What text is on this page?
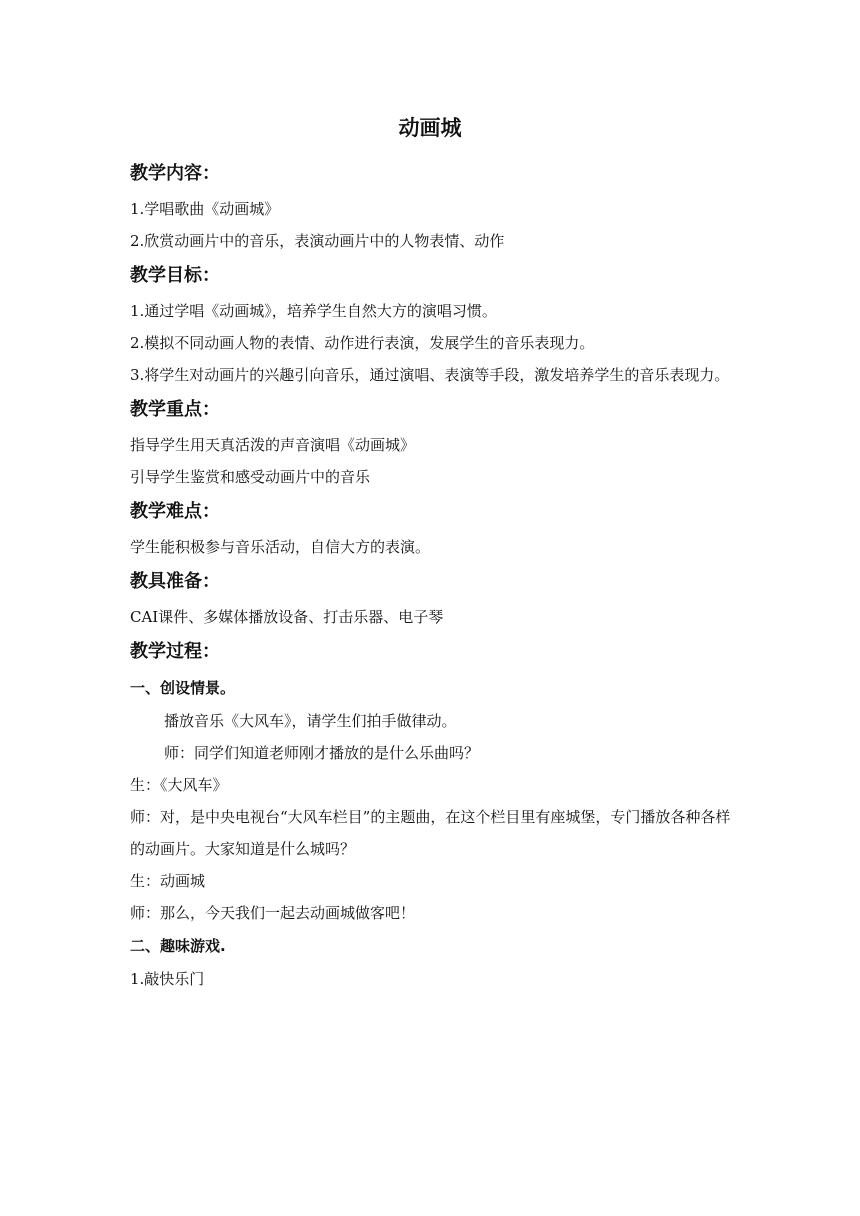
动画城
教学内容：
1.学唱歌曲《动画城》
2.欣赏动画片中的音乐，表演动画片中的人物表情、动作
教学目标：
1.通过学唱《动画城》，培养学生自然大方的演唱习惯。
2.模拟不同动画人物的表情、动作进行表演，发展学生的音乐表现力。
3.将学生对动画片的兴趣引向音乐，通过演唱、表演等手段，激发培养学生的音乐表现力。
教学重点：
指导学生用天真活泼的声音演唱《动画城》
引导学生鉴赏和感受动画片中的音乐
教学难点：
学生能积极参与音乐活动，自信大方的表演。
教具准备：
CAI课件、多媒体播放设备、打击乐器、电子琴
教学过程：
一、创设情景。
播放音乐《大风车》，请学生们拍手做律动。
师：同学们知道老师刚才播放的是什么乐曲吗？
生：《大风车》
师：对，是中央电视台“大风车栏目”的主题曲，在这个栏目里有座城堡，专门播放各种各样的动画片。大家知道是什么城吗？
生：动画城
师：那么，今天我们一起去动画城做客吧！
二、趣味游戏.
1.敲快乐门
